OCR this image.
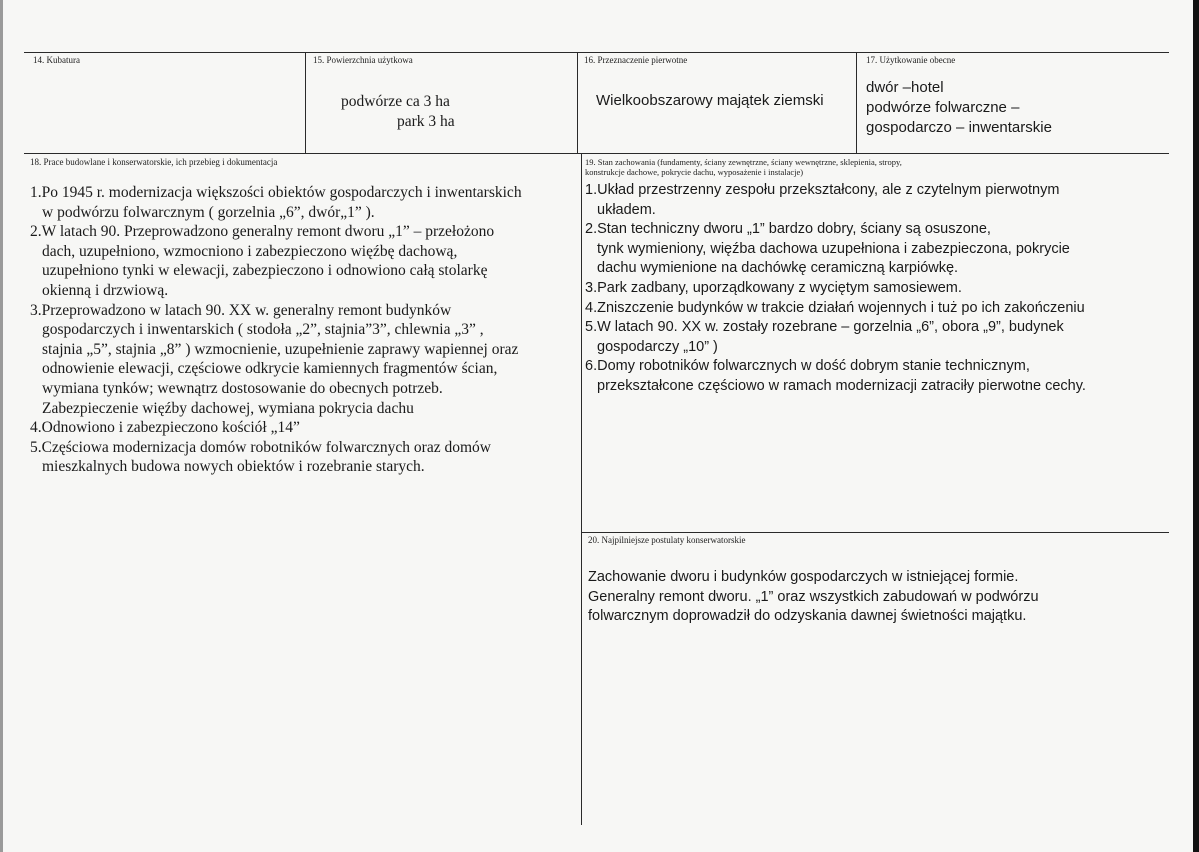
14. Kubatura	15. Powierzchnia użytkowa
podwórze ca 3 ha
park 3 ha
16. Przeznaczenie pierwotne
Wielkoobszarowy majątek ziemski
17. Użytkowanie obecne
dwór –hotel
podwórze folwarczne –
gospodarczo – inwentarskie
18. Prace budowlane i konserwatorskie, ich przebieg i dokumentacja
1.Po 1945 r. modernizacja większości obiektów gospodarczych i inwentarskich
w podwórzu folwarcznym ( gorzelnia „6”, dwór„1” ).
2.W latach 90. Przeprowadzono generalny remont dworu „1” – przełożono
dach, uzupełniono, wzmocniono i zabezpieczono więźbę dachową,
uzupełniono tynki w elewacji, zabezpieczono i odnowiono całą stolarkę
okienną i drzwiową.
3.Przeprowadzono w latach 90. XX w. generalny remont budynków
gospodarczych i inwentarskich ( stodoła „2”, stajnia”3”, chlewnia „3” ,
stajnia „5”, stajnia „8” ) wzmocnienie, uzupełnienie zaprawy wapiennej oraz
odnowienie elewacji, częściowe odkrycie kamiennych fragmentów ścian,
wymiana tynków; wewnątrz dostosowanie do obecnych potrzeb.
Zabezpieczenie więźby dachowej, wymiana pokrycia dachu
4.Odnowiono i zabezpieczono kościół „14”
5.Częściowa modernizacja domów robotników folwarcznych oraz domów
mieszkalnych budowa nowych obiektów i rozebranie starych.
19. Stan zachowania (fundamenty, ściany zewnętrzne, ściany wewnętrzne, sklepienia, stropy,
konstrukcje dachowe, pokrycie dachu, wyposażenie i instalacje)
1.Układ przestrzenny zespołu przekształcony, ale z czytelnym pierwotnym
układem.
2.Stan techniczny dworu „1” bardzo dobry, ściany są osuszone,
tynk wymieniony, więźba dachowa uzupełniona i zabezpieczona, pokrycie
dachu wymienione na dachówkę ceramiczną karpiówkę.
3.Park zadbany, uporządkowany z wyciętym samosiewem.
4.Zniszczenie budynków w trakcie działań wojennych i tuż po ich zakończeniu
5.W latach 90. XX w. zostały rozebrane – gorzelnia „6”, obora „9”, budynek
gospodarczy „10” )
6.Domy robotników folwarcznych w dość dobrym stanie technicznym,
przekształcone częściowo w ramach modernizacji zatraciły pierwotne cechy.
20. Najpilniejsze postulaty konserwatorskie
Zachowanie dworu i budynków gospodarczych w istniejącej formie.
Generalny remont dworu. „1” oraz wszystkich zabudowań w podwórzu
folwarcznym doprowadził do odzyskania dawnej świetności majątku.
